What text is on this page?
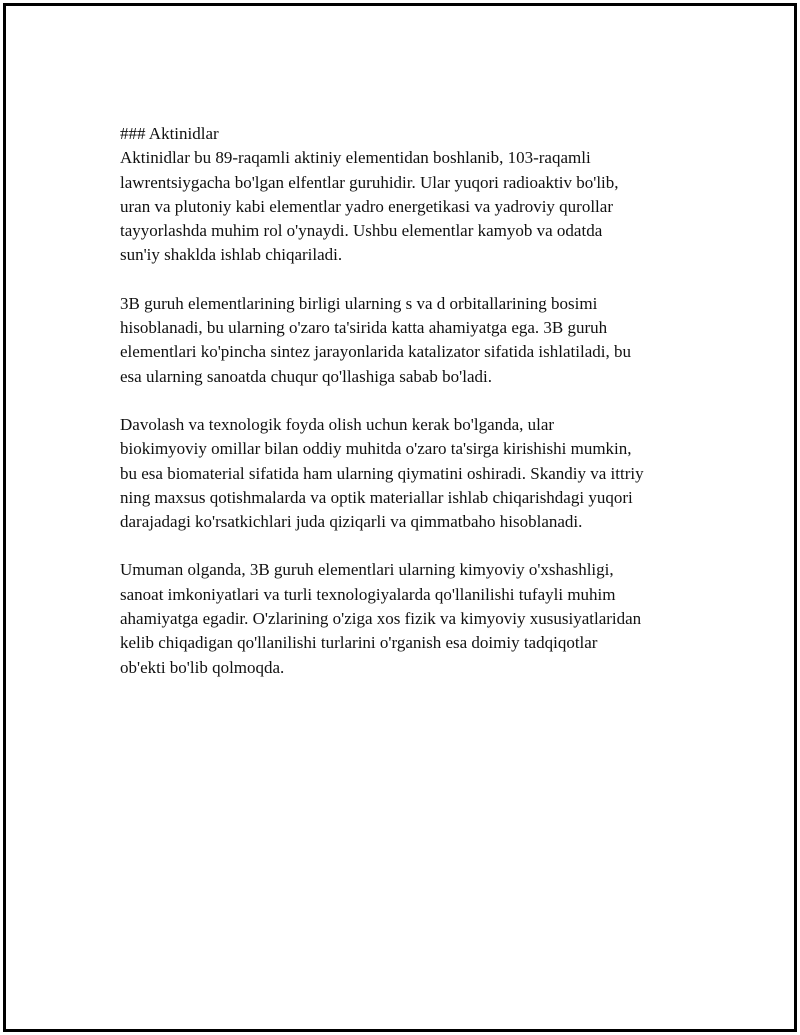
### Aktinidlar

Aktinidlar bu 89-raqamli aktiniy elementidan boshlanib, 103-raqamli
lawrentsiygacha bo'lgan elfentlar guruhidir. Ular yuqori radioaktiv bo'lib,
uran va plutoniy kabi elementlar yadro energetikasi va yadroviy qurollar
tayyorlashda muhim rol o'ynaydi. Ushbu elementlar kamyob va odatda
sun'iy shaklda ishlab chiqariladi.

3B guruh elementlarining birligi ularning s va d orbitallarining bosimi
hisoblanadi, bu ularning o'zaro ta'sirida katta ahamiyatga ega. 3B guruh
elementlari ko'pincha sintez jarayonlarida katalizator sifatida ishlatiladi, bu
esa ularning sanoatda chuqur qo'llashiga sabab bo'ladi.

Davolash va texnologik foyda olish uchun kerak bo'lganda, ular
biokimyoviy omillar bilan oddiy muhitda o'zaro ta'sirga kirishishi mumkin,
bu esa biomaterial sifatida ham ularning qiymatini oshiradi. Skandiy va ittriy
ning maxsus qotishmalarda va optik materiallar ishlab chiqarishdagi yuqori
darajadagi ko'rsatkichlari juda qiziqarli va qimmatbaho hisoblanadi.

Umuman olganda, 3B guruh elementlari ularning kimyoviy o'xshashligi,
sanoat imkoniyatlari va turli texnologiyalarda qo'llanilishi tufayli muhim
ahamiyatga egadir. O'zlarining o'ziga xos fizik va kimyoviy xususiyatlaridan
kelib chiqadigan qo'llanilishi turlarini o'rganish esa doimiy tadqiqotlar
ob'ekti bo'lib qolmoqda.
